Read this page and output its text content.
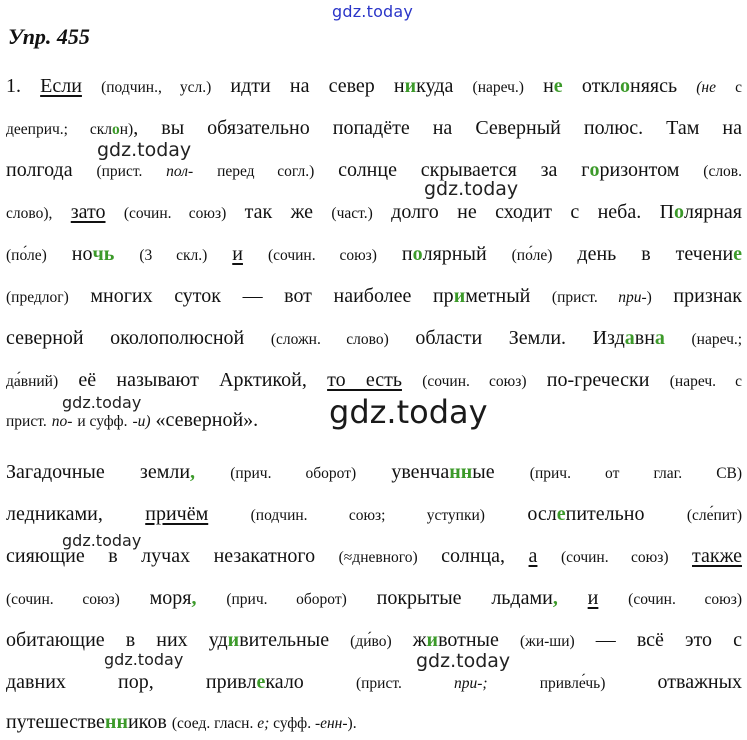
gdz.today
Упр. 455
1. Если (подчин., усл.) идти на север никуда (нареч.) не отклоняясь (не с
дееприч.; склон), вы обязательно попадёте на Северный полюс. Там на
полгода (прист. пол- перед согл.) солнце скрывается за горизонтом (слов.
слово), зато (сочин. союз) так же (част.) долго не сходит с неба. Полярная
(по́ле) ночь (3 скл.) и (сочин. союз) полярный (по́ле) день в течение
(предлог) многих суток — вот наиболее приметный (прист. при-) признак
северной околополюсной (сложн. слово) области Земли. Издавна (нареч.;
да́вний) её называют Арктикой, то есть (сочин. союз) по-гречески (нареч. с
прист. по- и суфф. -и) «северной».
Загадочные земли, (прич. оборот) увенчанные (прич. от глаг. СВ)
ледниками, причём	(подчин. союз; уступки) ослепительно	(сле́пит)
сияющие в лучах незакатного (≈дневного) солнца, а (сочин. союз) также
(сочин. союз) моря, (прич. оборот) покрытые льдами, и (сочин. союз)
обитающие в них удивительные (ди́во) животные (жи-ши) — всё это с
давних	пор,	привлекало	(прист.	при-;	привле́чь)	отважных
путешественников (соед. гласн. е; суфф. -енн-).
gdz.today
gdz.today
gdz.today	gdz.today
gdz.today
gdz.today	gdz.today
